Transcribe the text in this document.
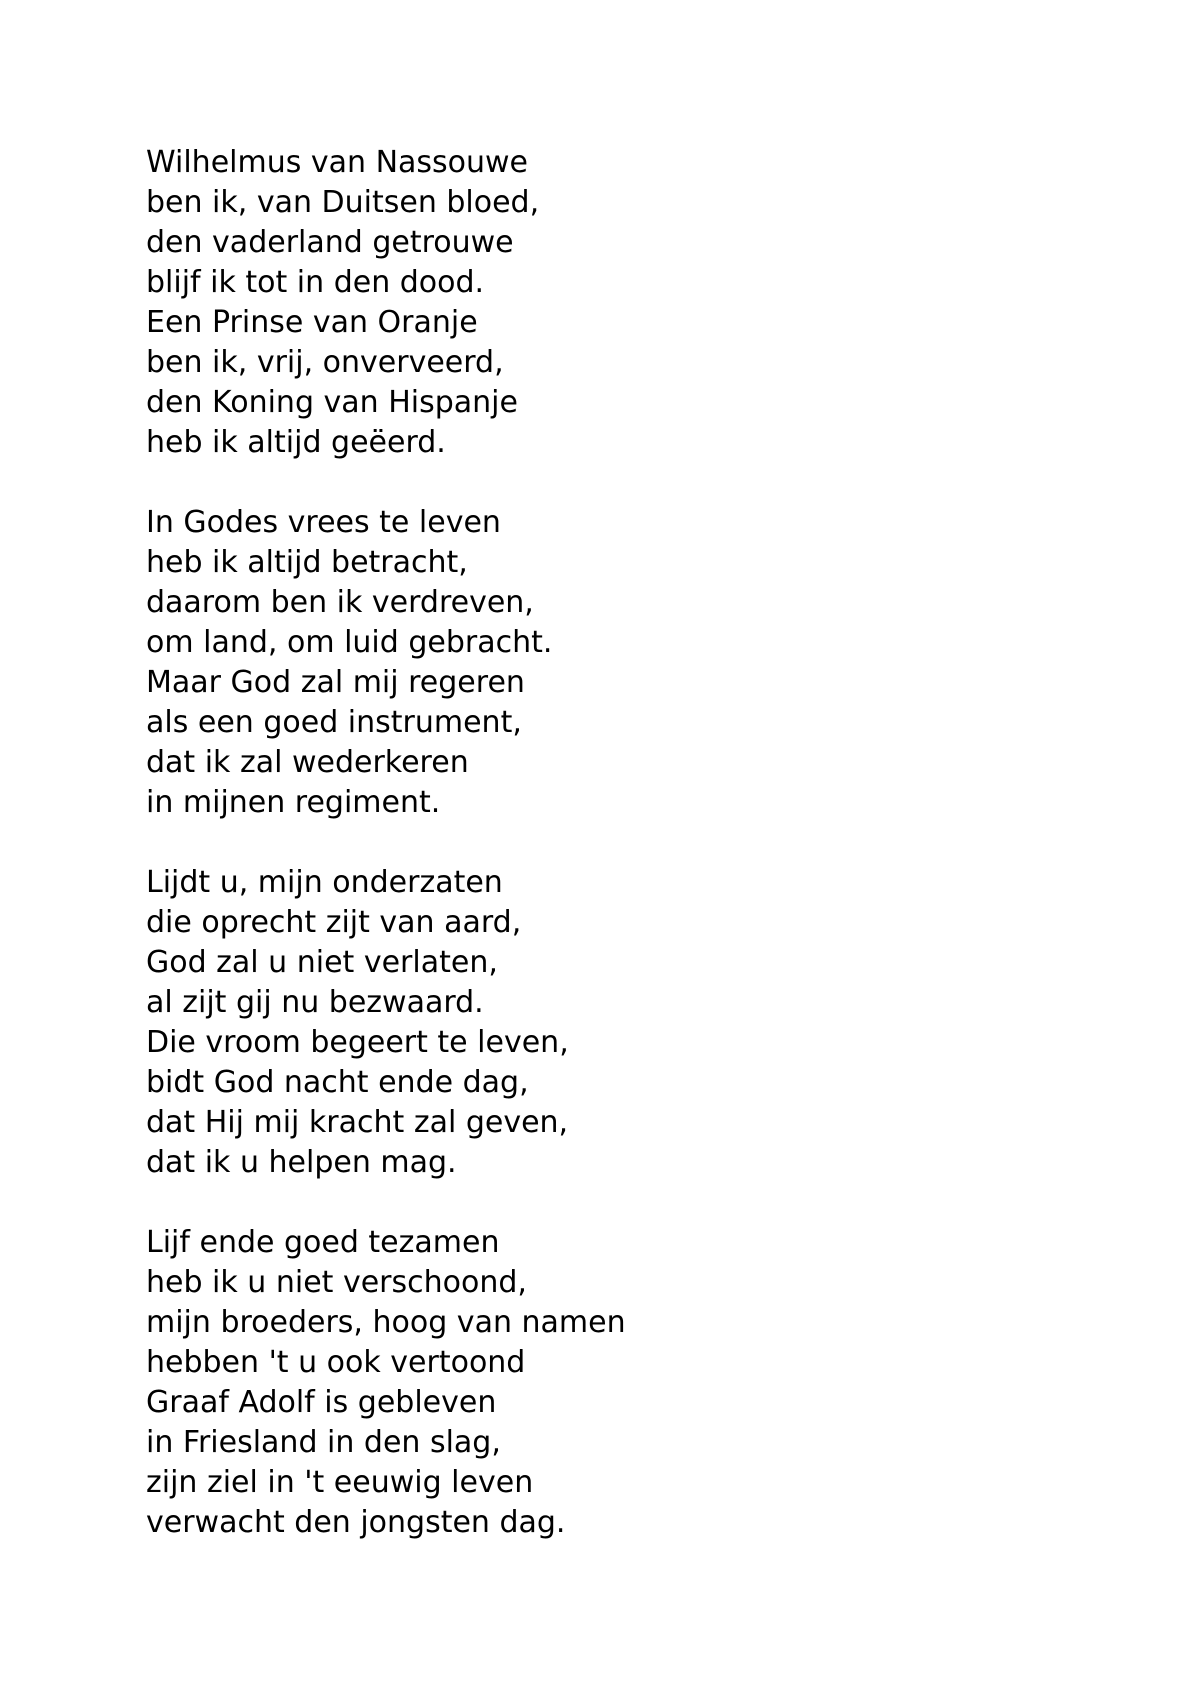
Wilhelmus van Nassouwe
ben ik, van Duitsen bloed,
den vaderland getrouwe
blijf ik tot in den dood.
Een Prinse van Oranje
ben ik, vrij, onverveerd,
den Koning van Hispanje
heb ik altijd geëerd.
In Godes vrees te leven
heb ik altijd betracht,
daarom ben ik verdreven,
om land, om luid gebracht.
Maar God zal mij regeren
als een goed instrument,
dat ik zal wederkeren
in mijnen regiment.
Lijdt u, mijn onderzaten
die oprecht zijt van aard,
God zal u niet verlaten,
al zijt gij nu bezwaard.
Die vroom begeert te leven,
bidt God nacht ende dag,
dat Hij mij kracht zal geven,
dat ik u helpen mag.
Lijf ende goed tezamen
heb ik u niet verschoond,
mijn broeders, hoog van namen
hebben 't u ook vertoond
Graaf Adolf is gebleven
in Friesland in den slag,
zijn ziel in 't eeuwig leven
verwacht den jongsten dag.
